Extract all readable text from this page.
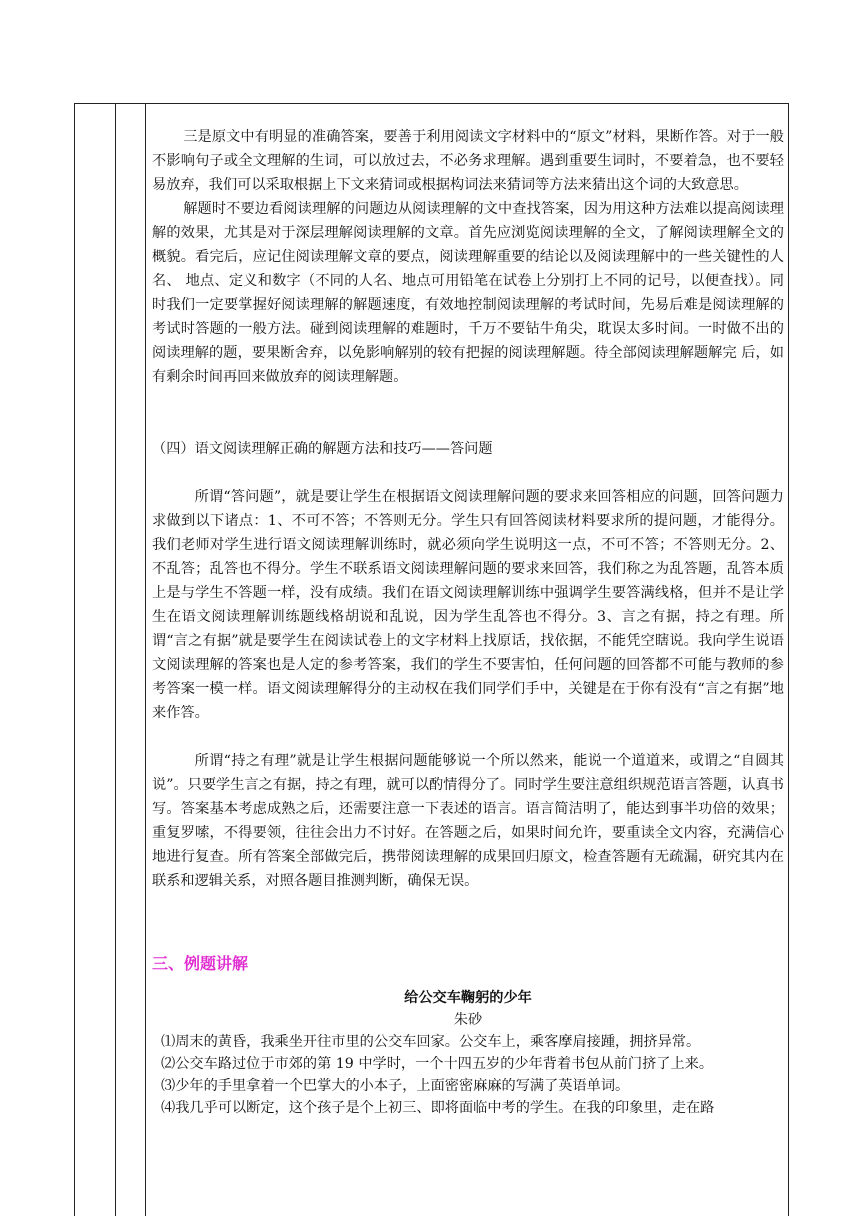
三是原文中有明显的准确答案，要善于利用阅读文字材料中的“原文”材料，果断作答。对于一般不影响句子或全文理解的生词，可以放过去，不必务求理解。遇到重要生词时，不要着急，也不要轻易放弃，我们可以采取根据上下文来猜词或根据构词法来猜词等方法来猜出这个词的大致意思。

解题时不要边看阅读理解的问题边从阅读理解的文中查找答案，因为用这种方法难以提高阅读理解的效果，尤其是对于深层理解阅读理解的文章。首先应浏览阅读理解的全文，了解阅读理解全文的概貌。看完后，应记住阅读理解文章的要点，阅读理解重要的结论以及阅读理解中的一些关键性的人名、 地点、定义和数字（不同的人名、地点可用铅笔在试卷上分别打上不同的记号，以便查找）。同时我们一定要掌握好阅读理解的解题速度，有效地控制阅读理解的考试时间，先易后难是阅读理解的考试时答题的一般方法。碰到阅读理解的难题时，千万不要钻牛角尖，耽误太多时间。一时做不出的阅读理解的题，要果断舍弃，以免影响解别的较有把握的阅读理解题。待全部阅读理解题解完 后，如有剩余时间再回来做放弃的阅读理解题。

（四）语文阅读理解正确的解题方法和技巧——答问题

所谓“答问题”，就是要让学生在根据语文阅读理解问题的要求来回答相应的问题，回答问题力求做到以下诸点：1、不可不答；不答则无分。学生只有回答阅读材料要求所的提问题，才能得分。我们老师对学生进行语文阅读理解训练时，就必须向学生说明这一点，不可不答；不答则无分。2、不乱答；乱答也不得分。学生不联系语文阅读理解问题的要求来回答，我们称之为乱答题，乱答本质上是与学生不答题一样，没有成绩。我们在语文阅读理解训练中强调学生要答满线格，但并不是让学生在语文阅读理解训练题线格胡说和乱说，因为学生乱答也不得分。3、言之有据，持之有理。所谓“言之有据”就是要学生在阅读试卷上的文字材料上找原话，找依据，不能凭空瞎说。我向学生说语文阅读理解的答案也是人定的参考答案，我们的学生不要害怕，任何问题的回答都不可能与教师的参考答案一模一样。语文阅读理解得分的主动权在我们同学们手中，关键是在于你有没有“言之有据”地来作答。

所谓“持之有理”就是让学生根据问题能够说一个所以然来，能说一个道道来，或谓之“自圆其说”。只要学生言之有据，持之有理，就可以酌情得分了。同时学生要注意组织规范语言答题，认真书写。答案基本考虑成熟之后，还需要注意一下表述的语言。语言简洁明了，能达到事半功倍的效果；重复罗嗦，不得要领，往往会出力不讨好。在答题之后，如果时间允许，要重读全文内容，充满信心地进行复查。所有答案全部做完后，携带阅读理解的成果回归原文，检查答题有无疏漏，研究其内在联系和逻辑关系，对照各题目推测判断，确保无误。

三、例题讲解

给公交车鞠躬的少年

朱砂

⑴周末的黄昏，我乘坐开往市里的公交车回家。公交车上，乘客摩肩接踵，拥挤异常。

⑵公交车路过位于市郊的第 19 中学时，一个十四五岁的少年背着书包从前门挤了上来。

⑶少年的手里拿着一个巴掌大的小本子，上面密密麻麻的写满了英语单词。

⑷我几乎可以断定，这个孩子是个上初三、即将面临中考的学生。在我的印象里，走在路
